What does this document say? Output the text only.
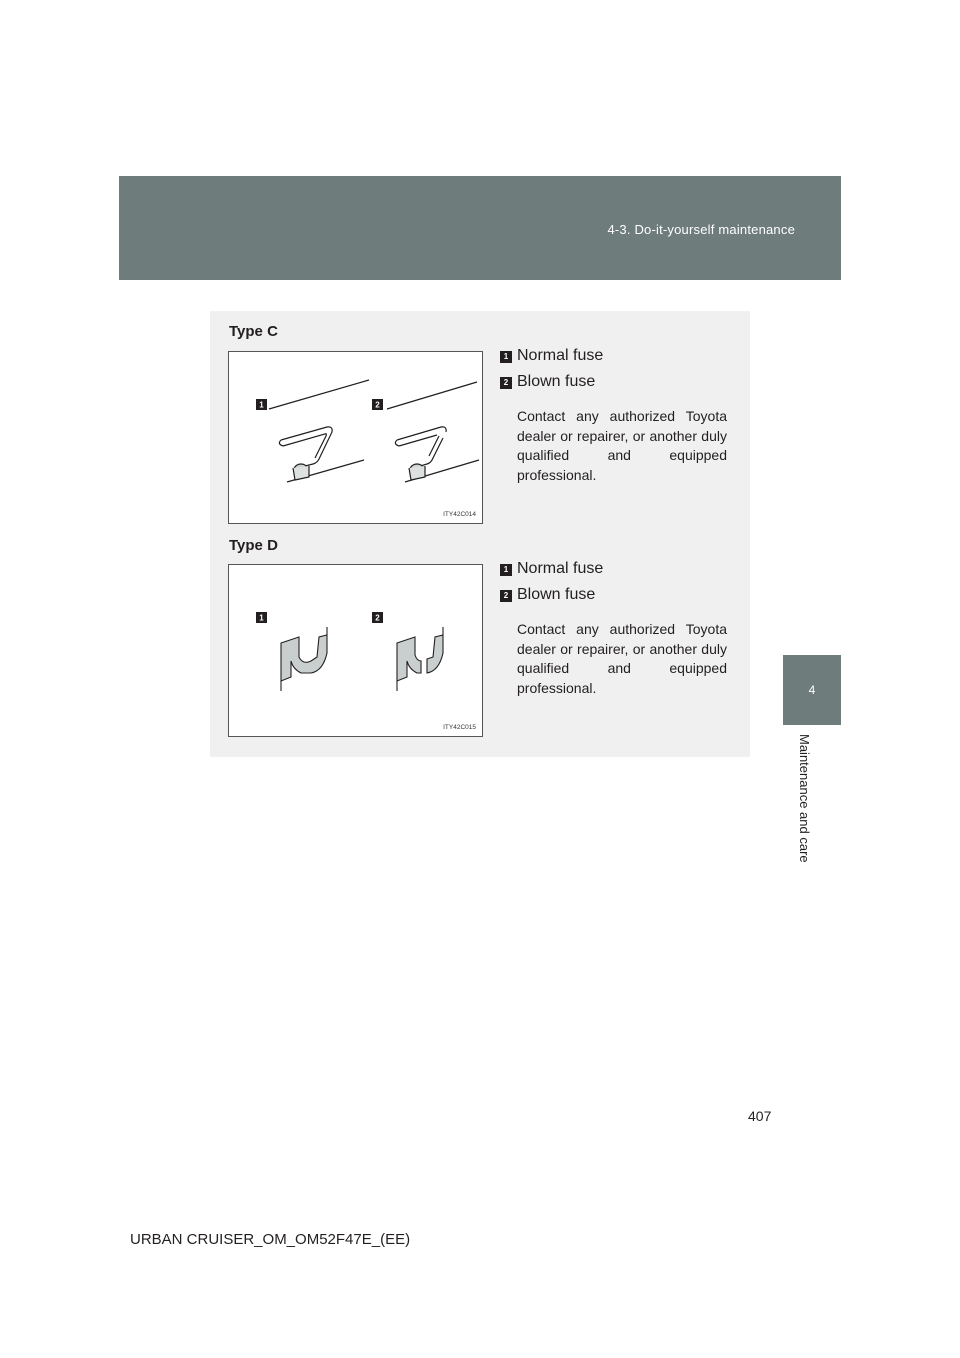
4-3. Do-it-yourself maintenance
4
Maintenance and care
Type C
1	2
ITY42C014
1 Normal fuse
2 Blown fuse
Contact any authorized Toyota dealer or repairer, or another duly qualified and equipped professional.
Type D
1	2
ITY42C015
1 Normal fuse
2 Blown fuse
Contact any authorized Toyota dealer or repairer, or another duly qualified and equipped professional.
407
URBAN CRUISER_OM_OM52F47E_(EE)
